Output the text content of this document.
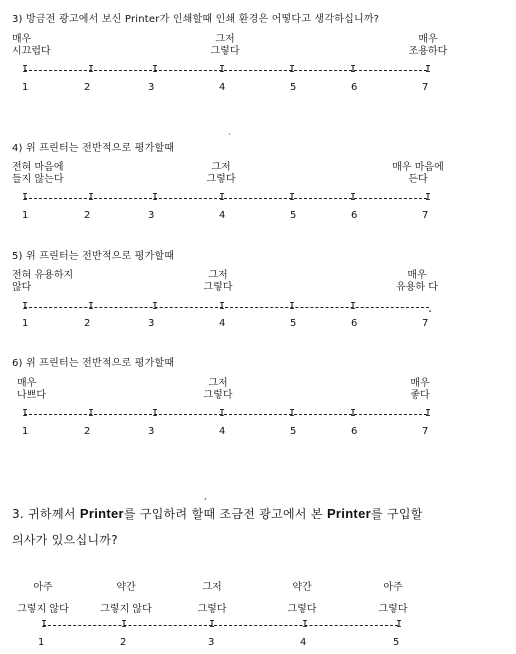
3) 방금전 광고에서 보신 Printer가 인쇄할때 인쇄 환경은 어떻다고 생각하십니까?
매우
시끄럽다
그저
그렇다
매우
조용하다
I	I	I	I	I	I	I
1	2	3	4	5	6	7
·
4) 위 프린터는 전반적으로 평가할때
전혀 마음에
들지 않는다
그저
그렇다
매우 마음에
든다
I	I	I	I	I	I	I
1	2	3	4	5	6	7
5) 위 프린터는 전반적으로 평가할때
전혀 유용하지
않다
그저
그렇다
매우
유용하 다
I	I	I	I	I	I	.
1	2	3	4	5	6	7
6) 위 프린터는 전반적으로 평가할때
매우
나쁘다
그저
그렇다
매우
좋다
I	I	I	I	I	I	I
1	2	3	4	5	6	7
,
3. 귀하께서 Printer를 구입하려 할때 조금전 광고에서 본 Printer를 구입할
의사가 있으십니까?
아주
그렇지 않다
약간
그렇지 않다
그저
그렇다
약간
그렇다
아주
그렇다
I	I	I	I	I
1	2	3	4	5
